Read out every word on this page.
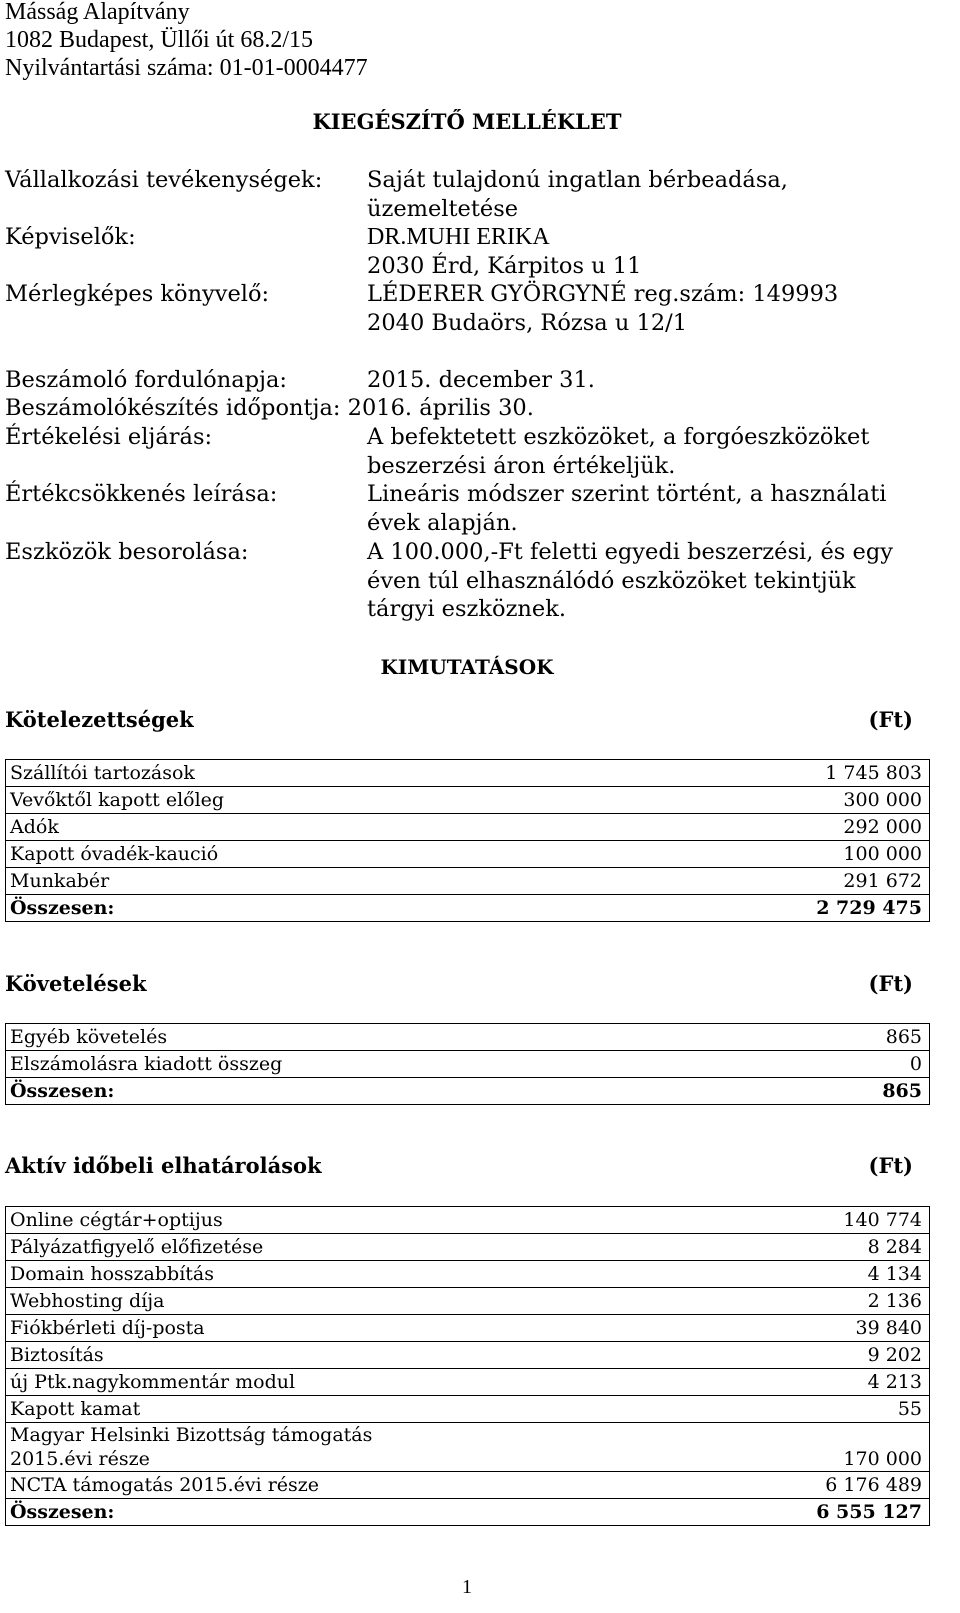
Másság Alapítvány
1082 Budapest, Üllői út 68.2/15
Nyilvántartási száma: 01-01-0004477
KIEGÉSZÍTŐ MELLÉKLET
Vállalkozási tevékenységek: Saját tulajdonú ingatlan bérbeadása,
üzemeltetése
Képviselők:	DR.MUHI ERIKA
2030 Érd, Kárpitos u 11
Mérlegképes könyvelő:	LÉDERER GYÖRGYNÉ reg.szám: 149993
2040 Budaörs, Rózsa u 12/1
Beszámoló fordulónapja:	2015. december 31.
Beszámolókészítés időpontja: 2016. április 30.
Értékelési eljárás:	A befektetett eszközöket, a forgóeszközöket
beszerzési áron értékeljük.
Értékcsökkenés leírása:	Lineáris módszer szerint történt, a használati
évek alapján.
Eszközök besorolása:	A 100.000,-Ft feletti egyedi beszerzési, és egy
éven túl elhasználódó eszközöket tekintjük
tárgyi eszköznek.
KIMUTATÁSOK
Kötelezettségek	(Ft)
Szállítói tartozások	1 745 803
Vevőktől kapott előleg	300 000
Adók	292 000
Kapott óvadék-kaució	100 000
Munkabér	291 672
Összesen:	2 729 475
Követelések	(Ft)
Egyéb követelés	865
Elszámolásra kiadott összeg	0
Összesen:	865
Aktív időbeli elhatárolások	(Ft)
Online cégtár+optijus	140 774
Pályázatfigyelő előfizetése	8 284
Domain hosszabbítás	4 134
Webhosting díja	2 136
Fiókbérleti díj-posta	39 840
Biztosítás	9 202
új Ptk.nagykommentár modul	4 213
Kapott kamat	55
Magyar Helsinki Bizottság támogatás
2015.évi része	170 000
NCTA támogatás 2015.évi része	6 176 489
Összesen:	6 555 127
1
